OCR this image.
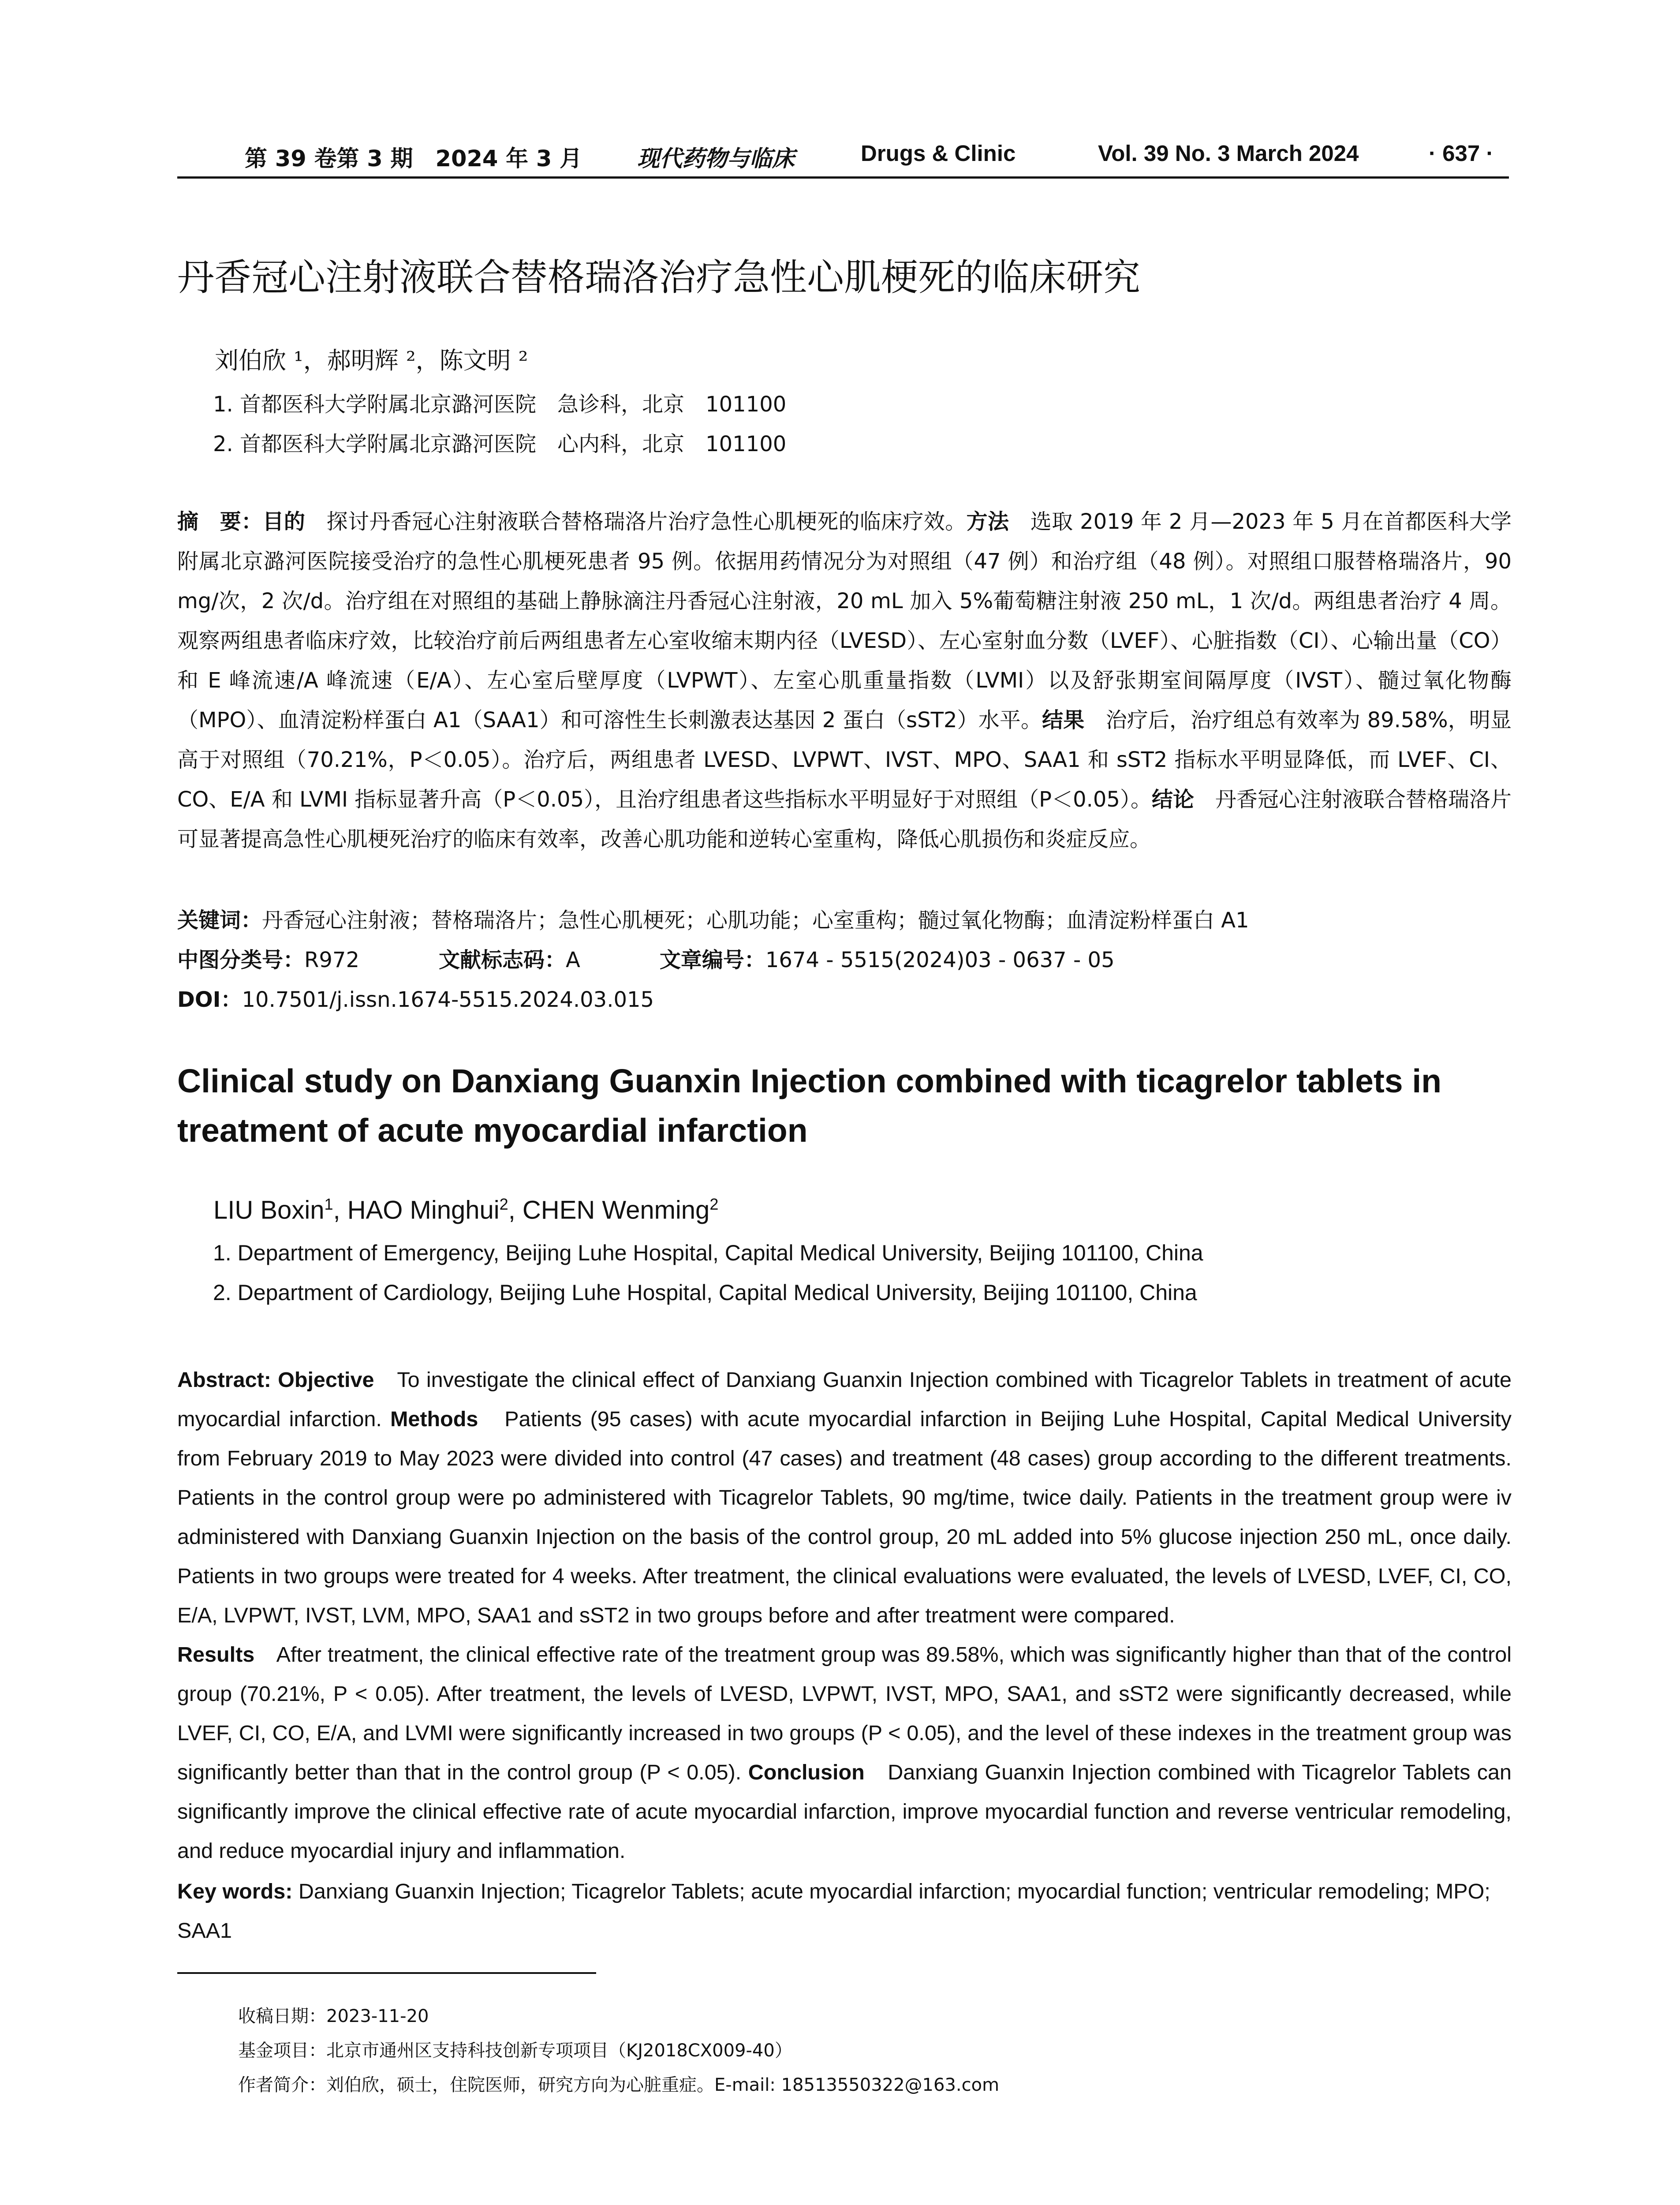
第 39 卷第 3 期　2024 年 3 月 现代药物与临床	Drugs & Clinic	Vol. 39 No. 3 March 2024	· 637 ·
丹香冠心注射液联合替格瑞洛治疗急性心肌梗死的临床研究
刘伯欣 ¹，郝明辉 ²，陈文明 ²
1. 首都医科大学附属北京潞河医院　急诊科，北京　101100
2. 首都医科大学附属北京潞河医院　心内科，北京　101100

摘　要：目的　探讨丹香冠心注射液联合替格瑞洛片治疗急性心肌梗死的临床疗效。方法　选取 2019 年 2 月—2023 年 5 月在首都医科大学附属北京潞河医院接受治疗的急性心肌梗死患者 95 例。依据用药情况分为对照组（47 例）和治疗组（48 例）。对照组口服替格瑞洛片，90 mg/次，2 次/d。治疗组在对照组的基础上静脉滴注丹香冠心注射液，20 mL 加入 5%葡萄糖注射液 250 mL，1 次/d。两组患者治疗 4 周。观察两组患者临床疗效，比较治疗前后两组患者左心室收缩末期内径（LVESD）、左心室射血分数（LVEF）、心脏指数（CI）、心输出量（CO）和 E 峰流速/A 峰流速（E/A）、左心室后壁厚度（LVPWT）、左室心肌重量指数（LVMI）以及舒张期室间隔厚度（IVST）、髓过氧化物酶（MPO）、血清淀粉样蛋白 A1（SAA1）和可溶性生长刺激表达基因 2 蛋白（sST2）水平。结果　治疗后，治疗组总有效率为 89.58%，明显高于对照组（70.21%，P＜0.05）。治疗后，两组患者 LVESD、LVPWT、IVST、MPO、SAA1 和 sST2 指标水平明显降低，而 LVEF、CI、CO、E/A 和 LVMI 指标显著升高（P＜0.05），且治疗组患者这些指标水平明显好于对照组（P＜0.05）。结论　丹香冠心注射液联合替格瑞洛片可显著提高急性心肌梗死治疗的临床有效率，改善心肌功能和逆转心室重构，降低心肌损伤和炎症反应。

关键词：丹香冠心注射液；替格瑞洛片；急性心肌梗死；心肌功能；心室重构；髓过氧化物酶；血清淀粉样蛋白 A1
中图分类号：R972	文献标志码：A	文章编号：1674 - 5515(2024)03 - 0637 - 05
DOI：10.7501/j.issn.1674-5515.2024.03.015
Clinical study on Danxiang Guanxin Injection combined with ticagrelor tablets in treatment of acute myocardial infarction
LIU Boxin$^1$, HAO Minghui$^2$, CHEN Wenming$^2$
1. Department of Emergency, Beijing Luhe Hospital, Capital Medical University, Beijing 101100, China
2. Department of Cardiology, Beijing Luhe Hospital, Capital Medical University, Beijing 101100, China

Abstract: Objective　To investigate the clinical effect of Danxiang Guanxin Injection combined with Ticagrelor Tablets in treatment of acute myocardial infarction. Methods　Patients (95 cases) with acute myocardial infarction in Beijing Luhe Hospital, Capital Medical University from February 2019 to May 2023 were divided into control (47 cases) and treatment (48 cases) group according to the different treatments. Patients in the control group were po administered with Ticagrelor Tablets, 90 mg/time, twice daily. Patients in the treatment group were iv administered with Danxiang Guanxin Injection on the basis of the control group, 20 mL added into 5% glucose injection 250 mL, once daily. Patients in two groups were treated for 4 weeks. After treatment, the clinical evaluations were evaluated, the levels of LVESD, LVEF, CI, CO, E/A, LVPWT, IVST, LVM, MPO, SAA1 and sST2 in two groups before and after treatment were compared.

Results　After treatment, the clinical effective rate of the treatment group was 89.58%, which was significantly higher than that of the control group (70.21%, P < 0.05). After treatment, the levels of LVESD, LVPWT, IVST, MPO, SAA1, and sST2 were significantly decreased, while LVEF, CI, CO, E/A, and LVMI were significantly increased in two groups (P < 0.05), and the level of these indexes in the treatment group was significantly better than that in the control group (P < 0.05). Conclusion　Danxiang Guanxin Injection combined with Ticagrelor Tablets can significantly improve the clinical effective rate of acute myocardial infarction, improve myocardial function and reverse ventricular remodeling, and reduce myocardial injury and inflammation.

Key words: Danxiang Guanxin Injection; Ticagrelor Tablets; acute myocardial infarction; myocardial function; ventricular remodeling; MPO; SAA1
收稿日期：2023-11-20
基金项目：北京市通州区支持科技创新专项项目（KJ2018CX009-40）
作者简介：刘伯欣，硕士，住院医师，研究方向为心脏重症。E-mail: 18513550322@163.com
